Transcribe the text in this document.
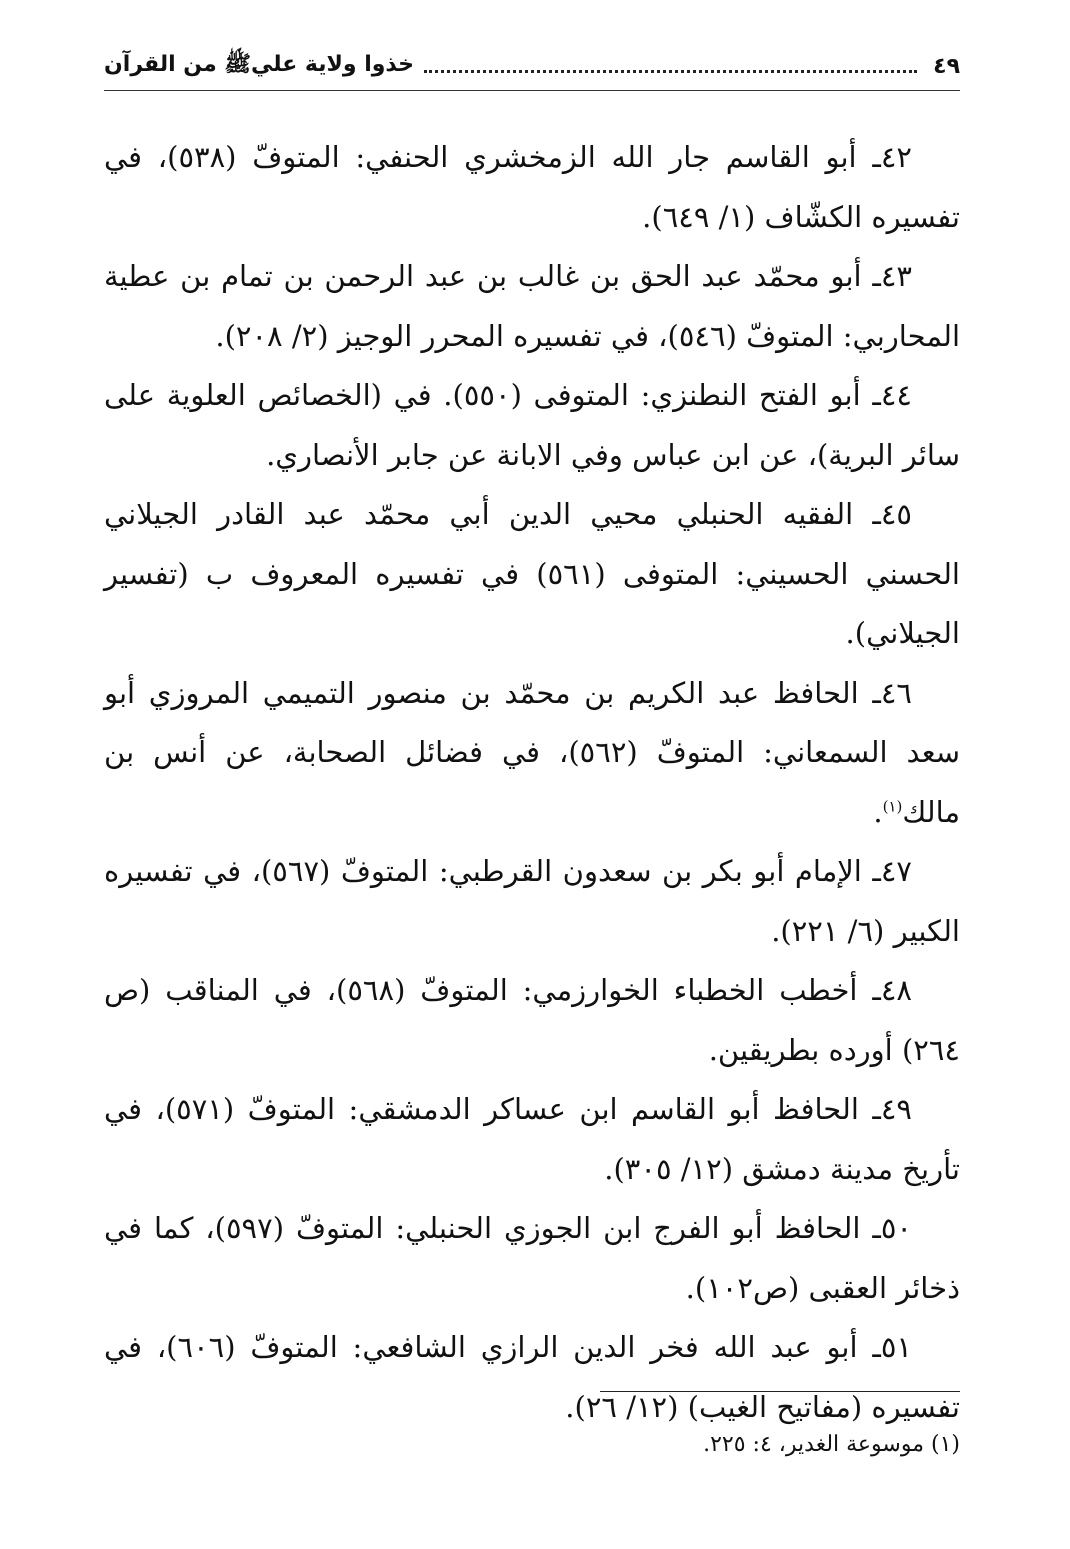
٤٩
خذوا ولاية عليﷺ من القرآن

٤٢ـ أبو القاسم جار الله الزمخشري الحنفي: المتوفّ (٥٣٨)، في تفسيره الكشّاف (١/ ٦٤٩).

٤٣ـ أبو محمّد عبد الحق بن غالب بن عبد الرحمن بن تمام بن عطية المحاربي: المتوفّ (٥٤٦)، في تفسيره المحرر الوجيز (٢/ ٢٠٨).

٤٤ـ أبو الفتح النطنزي: المتوفى (٥٥٠). في (الخصائص العلوية على سائر البرية)، عن ابن عباس وفي الابانة عن جابر الأنصاري.

٤٥ـ الفقيه الحنبلي محيي الدين أبي محمّد عبد القادر الجيلاني الحسني الحسيني: المتوفى (٥٦١) في تفسيره المعروف ب (تفسير الجيلاني).

٤٦ـ الحافظ عبد الكريم بن محمّد بن منصور التميمي المروزي أبو سعد السمعاني: المتوفّ (٥٦٢)، في فضائل الصحابة، عن أنس بن مالك$^{(١)}$.

٤٧ـ الإمام أبو بكر بن سعدون القرطبي: المتوفّ (٥٦٧)، في تفسيره الكبير (٦/ ٢٢١).

٤٨ـ أخطب الخطباء الخوارزمي: المتوفّ (٥٦٨)، في المناقب (ص ٢٦٤) أورده بطريقين.

٤٩ـ الحافظ أبو القاسم ابن عساكر الدمشقي: المتوفّ (٥٧١)، في تأريخ مدينة دمشق (١٢/ ٣٠٥).

٥٠ـ الحافظ أبو الفرج ابن الجوزي الحنبلي: المتوفّ (٥٩٧)، كما في ذخائر العقبى (ص١٠٢).

٥١ـ أبو عبد الله فخر الدين الرازي الشافعي: المتوفّ (٦٠٦)، في تفسيره (مفاتيح الغيب) (١٢/ ٢٦).

(١) موسوعة الغدير، ٤: ٢٢٥.
